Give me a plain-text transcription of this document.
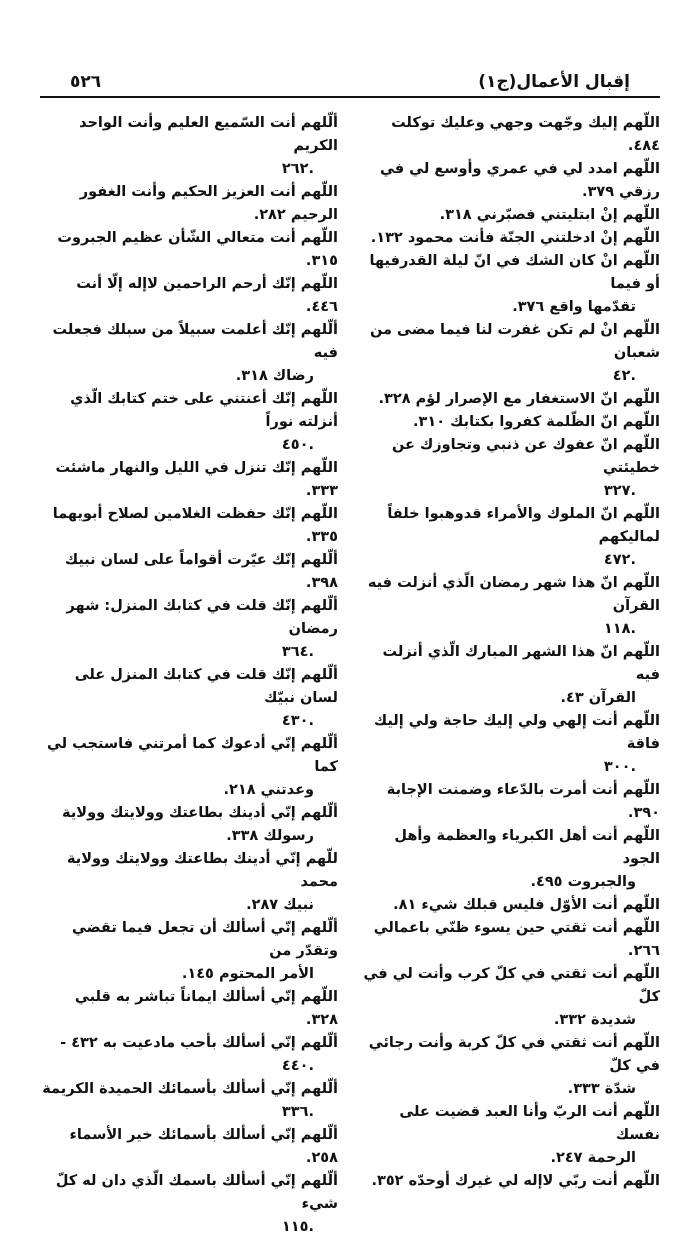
إقبال الأعمال(ج١)
٥٢٦
اللّهم إليك وجّهت وجهي وعليك توكلت ٤٨٤.
اللّهم امدد لي في عمري وأوسع لي في رزقي ٣٧٩.
اللّهم إنْ ابتليتني فصبّرني ٣١٨.
اللّهم إنْ ادخلتني الجنّة فأنت محمود ١٣٢.
اللّهم انْ كان الشك في انّ ليلة القدرفيها أو فيما
تقدّمها واقع ٣٧٦.
اللّهم انْ لم تكن غفرت لنا فيما مضى من شعبان
.٤٢
اللّهم انّ الاستغفار مع الإصرار لؤم ٣٢٨.
اللّهم انّ الظّلمة كفروا بكتابك ٣١٠.
اللّهم انّ عفوك عن ذنبي وتجاوزك عن خطيئتي
.٣٢٧
اللّهم انّ الملوك والأمراء قدوهبوا خلفاً لماليكهم
.٤٧٢
اللّهم انّ هذا شهر رمضان الّذي أنزلت فيه القرآن
.١١٨
اللّهم انّ هذا الشهر المبارك الّذي أنزلت فيه
القرآن ٤٣.
اللّهم أنت إلهي ولي إليك حاجة ولي إليك فاقة
.٣٠٠
اللّهم أنت أمرت بالدّعاء وضمنت الإجابة ٣٩٠.
اللّهم أنت أهل الكبرياء والعظمة وأهل الجود
والجبروت ٤٩٥.
اللّهم أنت الأوّل فليس قبلك شيء ٨١.
اللّهم أنت ثقتي حين يسوء ظنّي باعمالي ٢٦٦.
اللّهم أنت ثقتي في كلّ كرب وأنت لي في كلّ
شديدة ٣٣٢.
اللّهم أنت ثقتي في كلّ كربة وأنت رجائي في كلّ
شدّة ٣٣٣.
اللّهم أنت الربّ وأنا العبد قضيت على نفسك
الرحمة ٢٤٧.
اللّهم أنت ربّي لاإله لي غيرك أوحدّه ٣٥٢.
ألّلهم أنت السّميع العليم وأنت الواحد الكريم
.٢٦٢
اللّهم أنت العزيز الحكيم وأنت الغفور الرحيم ٢٨٢.
اللّهم أنت متعالي الشّأن عظيم الجبروت ٣١٥.
اللّهم إنّك أرحم الراحمين لاإله إلّا أنت ٤٤٦.
ألّلهم إنّك أعلمت سبيلاً من سبلك فجعلت فيه
رضاك ٣١٨.
اللّهم إنّك أعنتني على ختم كتابك الّذي أنزلته نوراً
.٤٥٠
اللّهم إنّك تنزل في الليل والنهار ماشئت ٣٣٣.
اللّهم إنّك حفظت الغلامين لصلاح أبويهما ٣٣٥.
ألّلهم إنّك عيّرت أقواماً على لسان نبيك ٣٩٨.
ألّلهم إنّك قلت في كتابك المنزل: شهر رمضان
.٣٦٤
ألّلهم إنّك قلت في كتابك المنزل على لسان نبيّك
.٤٣٠
ألّلهم إنّي أدعوك كما أمرتني فاستجب لي كما
وعدتني ٢١٨.
ألّلهم إنّي أدينك بطاعتك وولايتك وولاية
رسولك ٣٣٨.
للّهم إنّي أدينك بطاعتك وولايتك وولاية محمد
نبيك ٢٨٧.
ألّلهم إنّي أسألك أن تجعل فيما تقضي وتقدّر من
الأمر المحتوم ١٤٥.
اللّهم إنّي أسألك ايماناً تباشر به قلبي ٣٢٨.
ألّلهم إنّي أسألك بأحب مادعيت به ٤٣٢ -
.٤٤٠
ألّلهم إنّي أسألك بأسمائك الحميدة الكريمة
.٣٣٦
ألّلهم إنّي أسألك بأسمائك خير الأسماء ٢٥٨.
ألّلهم إنّي أسألك باسمك الّذي دان له كلّ شيء
.١١٥
